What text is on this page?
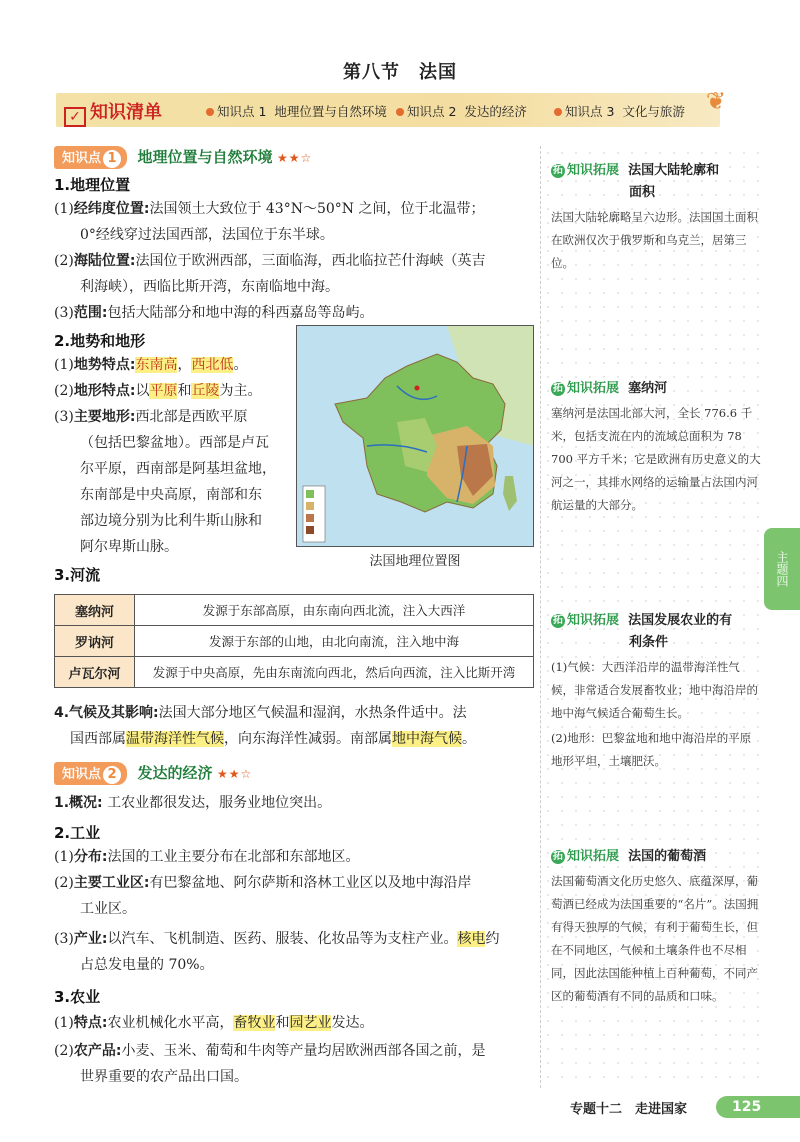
第八节　法国
✓ 知识清单	知识点 1 地理位置与自然环境	知识点 2 发达的经济	知识点 3 文化与旅游 ❦
知识点 1 地理位置与自然环境 ★★☆
1.地理位置
(1)经纬度位置:法国领土大致位于 43°N～50°N 之间，位于北温带；
0°经线穿过法国西部，法国位于东半球。
(2)海陆位置:法国位于欧洲西部，三面临海，西北临拉芒什海峡（英吉
利海峡），西临比斯开湾，东南临地中海。
(3)范围:包括大陆部分和地中海的科西嘉岛等岛屿。
2.地势和地形
(1)地势特点:东南高，西北低。
(2)地形特点:以平原和丘陵为主。
(3)主要地形:西北部是西欧平原
（包括巴黎盆地）。西部是卢瓦
尔平原，西南部是阿基坦盆地，
东南部是中央高原，南部和东
部边境分别为比利牛斯山脉和
阿尔卑斯山脉。
法国地理位置图
3.河流
塞纳河	发源于东部高原，由东南向西北流，注入大西洋
罗讷河	发源于东部的山地，由北向南流，注入地中海
卢瓦尔河	发源于中央高原，先由东南流向西北，然后向西流，注入比斯开湾
4.气候及其影响:法国大部分地区气候温和湿润，水热条件适中。法
国西部属温带海洋性气候，向东海洋性减弱。南部属地中海气候。
知识点 2 发达的经济 ★★☆
1.概况: 工农业都很发达，服务业地位突出。
2.工业
(1)分布:法国的工业主要分布在北部和东部地区。
(2)主要工业区:有巴黎盆地、阿尔萨斯和洛林工业区以及地中海沿岸
工业区。
(3)产业:以汽车、飞机制造、医药、服装、化妆品等为支柱产业。核电约
占总发电量的 70%。
3.农业
(1)特点:农业机械化水平高，畜牧业和园艺业发达。
(2)农产品:小麦、玉米、葡萄和牛肉等产量均居欧洲西部各国之前，是
世界重要的农产品出口国。
拓 知识拓展 法国大陆轮廓和
面积
法国大陆轮廓略呈六边形。法国国土面积在欧洲仅次于俄罗斯和乌克兰，居第三位。
拓 知识拓展 塞纳河
塞纳河是法国北部大河，全长 776.6 千米，包括支流在内的流域总面积为 78 700 平方千米；它是欧洲有历史意义的大河之一，其排水网络的运输量占法国内河航运量的大部分。
拓 知识拓展 法国发展农业的有
利条件
(1)气候：大西洋沿岸的温带海洋性气候，非常适合发展畜牧业；地中海沿岸的地中海气候适合葡萄生长。
(2)地形：巴黎盆地和地中海沿岸的平原地形平坦，土壤肥沃。
拓 知识拓展 法国的葡萄酒
法国葡萄酒文化历史悠久、底蕴深厚，葡萄酒已经成为法国重要的“名片”。法国拥有得天独厚的气候，有利于葡萄生长，但在不同地区，气候和土壤条件也不尽相同，因此法国能种植上百种葡萄，不同产区的葡萄酒有不同的品质和口味。
主题四
专题十二　走进国家	125
